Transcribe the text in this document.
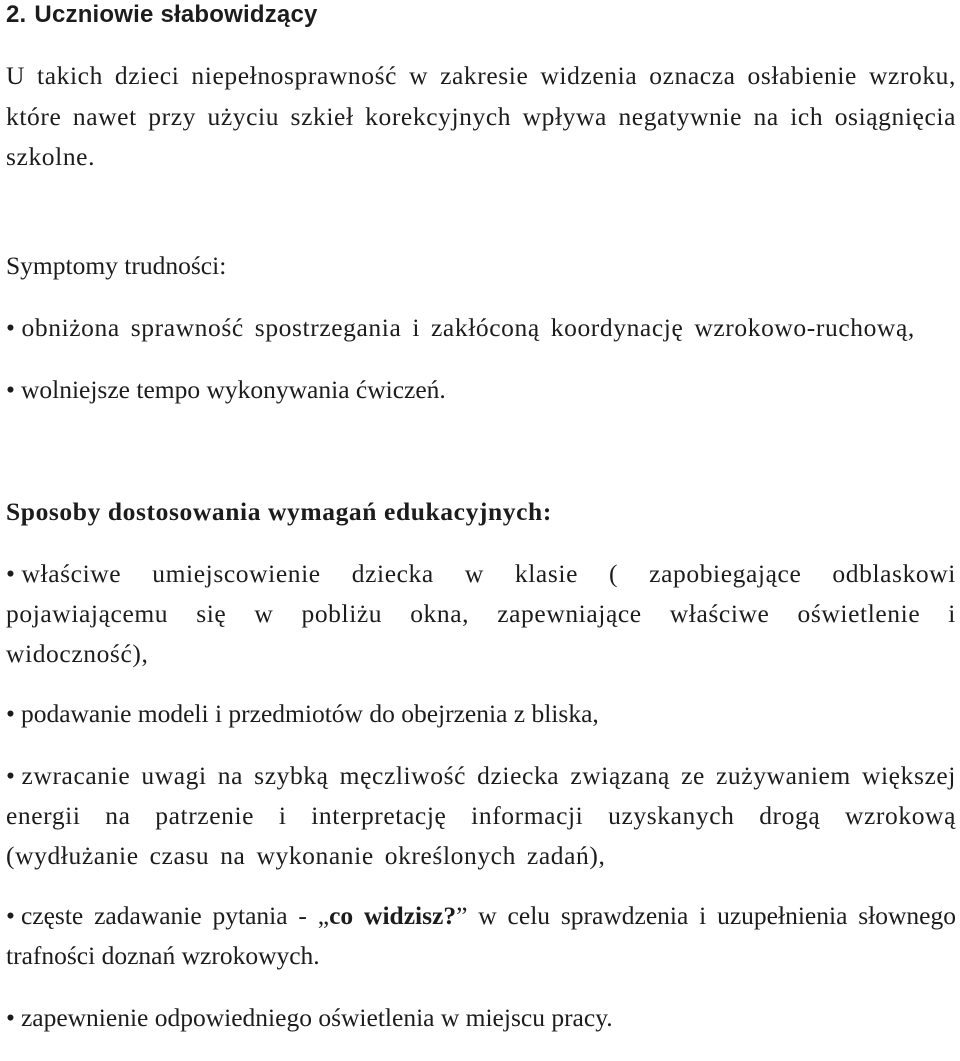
2. Uczniowie słabowidzący

U takich dzieci niepełnosprawność w zakresie widzenia oznacza osłabienie wzroku, które nawet przy użyciu szkieł korekcyjnych wpływa negatywnie na ich osiągnięcia szkolne.

Symptomy trudności:

• obniżona sprawność spostrzegania i zakłóconą koordynację wzrokowo-ruchową,
• wolniejsze tempo wykonywania ćwiczeń.

Sposoby dostosowania wymagań edukacyjnych:

• właściwe umiejscowienie dziecka w klasie ( zapobiegające odblaskowi pojawiającemu się w pobliżu okna, zapewniające właściwe oświetlenie i widoczność),
• podawanie modeli i przedmiotów do obejrzenia z bliska,
• zwracanie uwagi na szybką męczliwość dziecka związaną ze zużywaniem większej energii na patrzenie i interpretację informacji uzyskanych drogą wzrokową (wydłużanie czasu na wykonanie określonych zadań),
• częste zadawanie pytania - „co widzisz?” w celu sprawdzenia i uzupełnienia słownego trafności doznań wzrokowych.
• zapewnienie odpowiedniego oświetlenia w miejscu pracy.
